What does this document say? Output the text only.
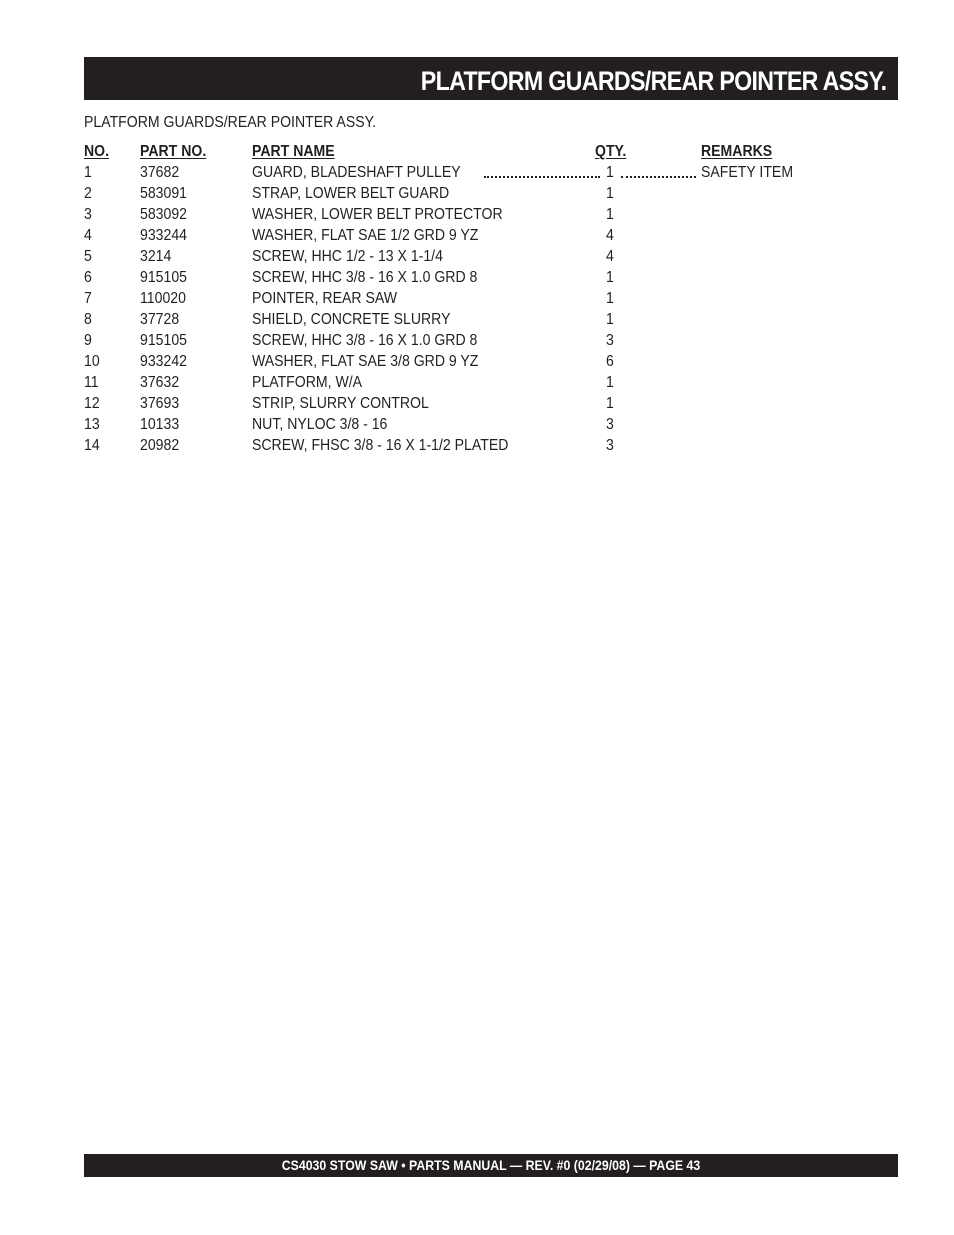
PLATFORM GUARDS/REAR POINTER ASSY.
PLATFORM GUARDS/REAR POINTER ASSY.
NO. PART NO.	PART NAME	QTY.	REMARKS
1	37682	GUARD, BLADESHAFT PULLEY	1	SAFETY ITEM
2	583091	STRAP, LOWER BELT GUARD	1
3	583092	WASHER, LOWER BELT PROTECTOR	1
4	933244	WASHER, FLAT SAE 1/2 GRD 9 YZ	4
5	3214	SCREW, HHC 1/2 - 13 X 1-1/4	4
6	915105	SCREW, HHC 3/8 - 16 X 1.0 GRD 8	1
7	110020	POINTER, REAR SAW	1
8	37728	SHIELD, CONCRETE SLURRY	1
9	915105	SCREW, HHC 3/8 - 16 X 1.0 GRD 8	3
10	933242	WASHER, FLAT SAE 3/8 GRD 9 YZ	6
11	37632	PLATFORM, W/A	1
12	37693	STRIP, SLURRY CONTROL	1
13	10133	NUT, NYLOC 3/8 - 16	3
14	20982	SCREW, FHSC 3/8 - 16 X 1-1/2 PLATED	3
CS4030 STOW SAW • PARTS MANUAL — REV. #0 (02/29/08) — PAGE 43
